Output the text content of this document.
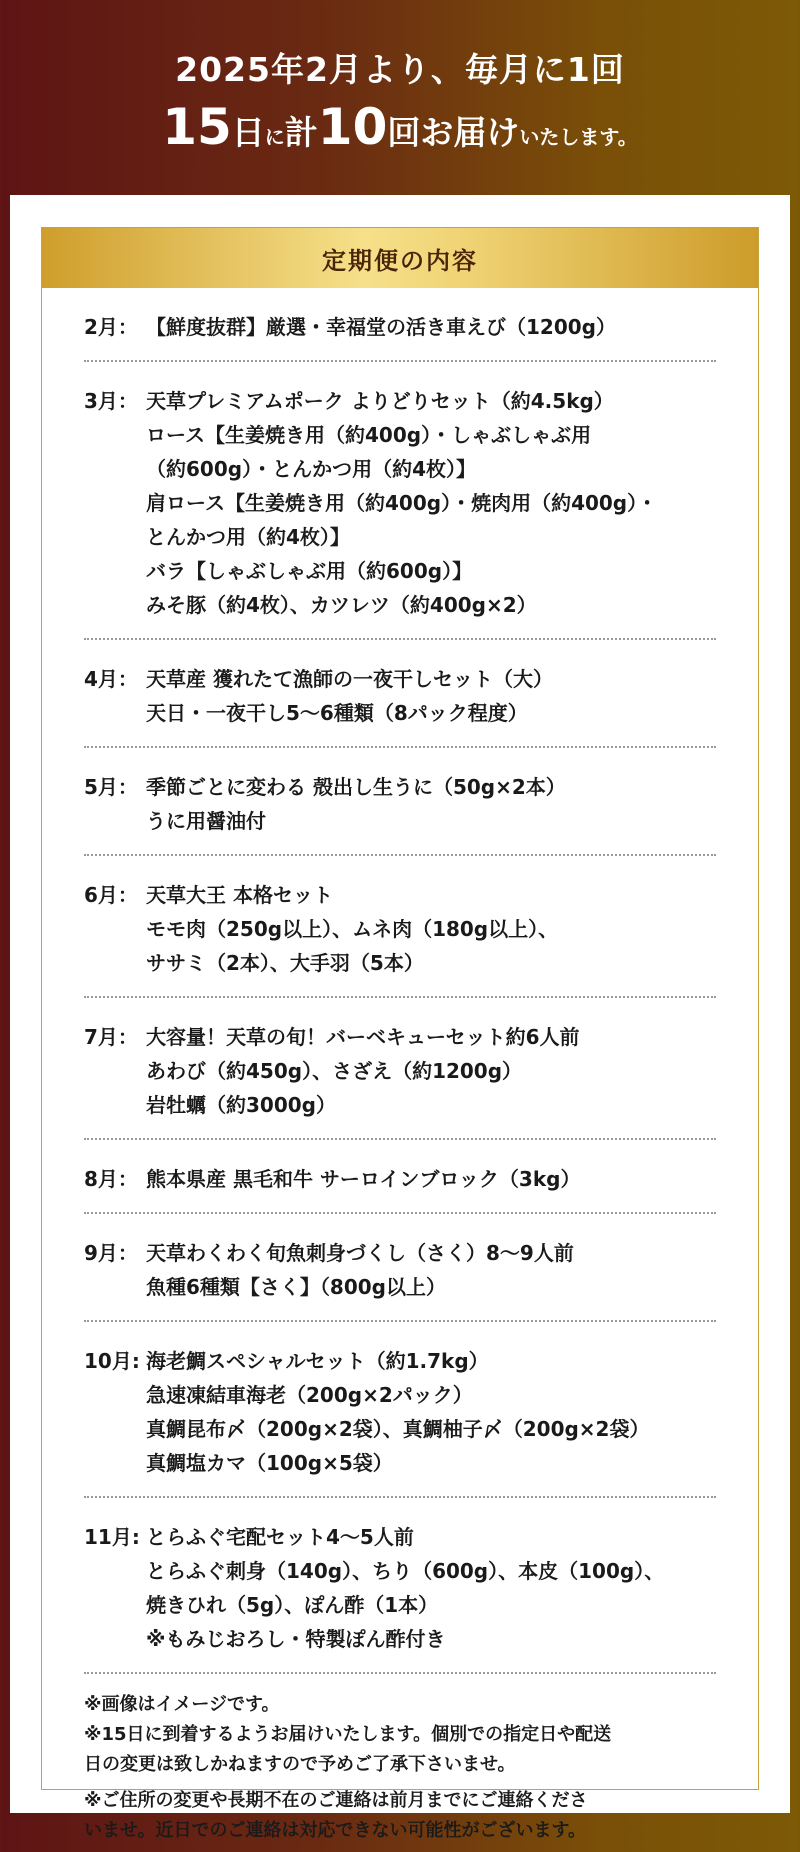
2025年2月より、毎月に1回
15日に計10回お届けいたします。
定期便の内容
2月： 【鮮度抜群】厳選・幸福堂の活き車えび（1200g）
3月： 天草プレミアムポーク よりどりセット（約4.5kg）
ロース【生姜焼き用（約400g）・しゃぶしゃぶ用
（約600g）・とんかつ用（約4枚）】
肩ロース【生姜焼き用（約400g）・焼肉用（約400g）・
とんかつ用（約4枚）】
バラ【しゃぶしゃぶ用（約600g）】
みそ豚（約4枚）、カツレツ（約400g×2）
4月： 天草産 獲れたて漁師の一夜干しセット（大）
天日・一夜干し5～6種類（8パック程度）
5月： 季節ごとに変わる 殻出し生うに（50g×2本）
うに用醤油付
6月： 天草大王 本格セット
モモ肉（250g以上）、ムネ肉（180g以上）、
ササミ（2本）、大手羽（5本）
7月： 大容量！天草の旬！バーベキューセット約6人前
あわび（約450g）、さざえ（約1200g）
岩牡蠣（約3000g）
8月： 熊本県産 黒毛和牛 サーロインブロック（3kg）
9月： 天草わくわく旬魚刺身づくし（さく）8～9人前
魚種6種類【さく】（800g以上）
10月: 海老鯛スペシャルセット（約1.7kg）
急速凍結車海老（200g×2パック）
真鯛昆布〆（200g×2袋）、真鯛柚子〆（200g×2袋）
真鯛塩カマ（100g×5袋）
11月: とらふぐ宅配セット4～5人前
とらふぐ刺身（140g）、ちり（600g）、本皮（100g）、
焼きひれ（5g）、ぽん酢（1本）
※もみじおろし・特製ぽん酢付き

※画像はイメージです。
※15日に到着するようお届けいたします。個別での指定日や配送
日の変更は致しかねますので予めご了承下さいませ。

※ご住所の変更や長期不在のご連絡は前月までにご連絡くださ
いませ。近日でのご連絡は対応できない可能性がございます。
